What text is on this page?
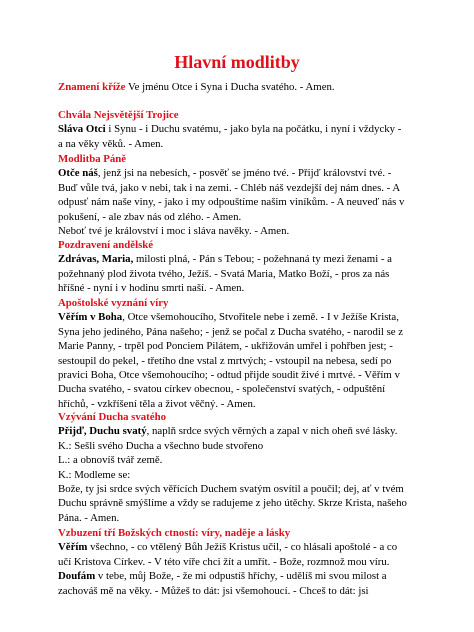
Hlavní modlitby
Znamení kříže Ve jménu Otce i Syna i Ducha svatého. - Amen.
Chvála Nejsvětější Trojice
Sláva Otci i Synu - i Duchu svatému, - jako byla na počátku, i nyní i vždycky -
a na věky věků. - Amen.
Modlitba Páně
Otče náš, jenž jsi na nebesích, - posvěť se jméno tvé. - Přijď království tvé. -
Buď vůle tvá, jako v nebi, tak i na zemi. - Chléb náš vezdejší dej nám dnes. - A
odpusť nám naše viny, - jako i my odpouštíme našim viníkům. - A neuveď nás v
pokušení, - ale zbav nás od zlého. - Amen.
Neboť tvé je království i moc i sláva navěky. - Amen.
Pozdravení andělské
Zdrávas, Maria, milosti plná, - Pán s Tebou; - požehnaná ty mezi ženami - a
požehnaný plod života tvého, Ježíš. - Svatá Maria, Matko Boží, - pros za nás
hříšné - nyní i v hodinu smrti naší. - Amen.
Apoštolské vyznání víry
Věřím v Boha, Otce všemohoucího, Stvořitele nebe i země. - I v Ježíše Krista,
Syna jeho jediného, Pána našeho; - jenž se počal z Ducha svatého, - narodil se z
Marie Panny, - trpěl pod Ponciem Pilátem, - ukřižován umřel i pohřben jest; -
sestoupil do pekel, - třetího dne vstal z mrtvých; - vstoupil na nebesa, sedí po
pravici Boha, Otce všemohoucího; - odtud přijde soudit živé i mrtvé. - Věřím v
Ducha svatého, - svatou církev obecnou, - společenství svatých, - odpuštění
hříchů, - vzkříšení těla a život věčný. - Amen.
Vzývání Ducha svatého
Přijď, Duchu svatý, naplň srdce svých věrných a zapal v nich oheň své lásky.
K.: Sešli svého Ducha a všechno bude stvořeno
L.: a obnovíš tvář země.
K.: Modleme se:
Bože, ty jsi srdce svých věřících Duchem svatým osvítil a poučil; dej, ať v tvém
Duchu správně smýšlíme a vždy se radujeme z jeho útěchy. Skrze Krista, našeho
Pána. - Amen.
Vzbuzení tří Božských ctností: víry, naděje a lásky
Věřím všechno, - co vtělený Bůh Ježíš Kristus učil, - co hlásali apoštolé - a co
učí Kristova Církev. - V této víře chci žít a umřít. - Bože, rozmnož mou víru.
Doufám v tebe, můj Bože, - že mi odpustíš hříchy, - udělíš mi svou milost a
zachováš mě na věky. - Můžeš to dát: jsi všemohoucí. - Chceš to dát: jsi
